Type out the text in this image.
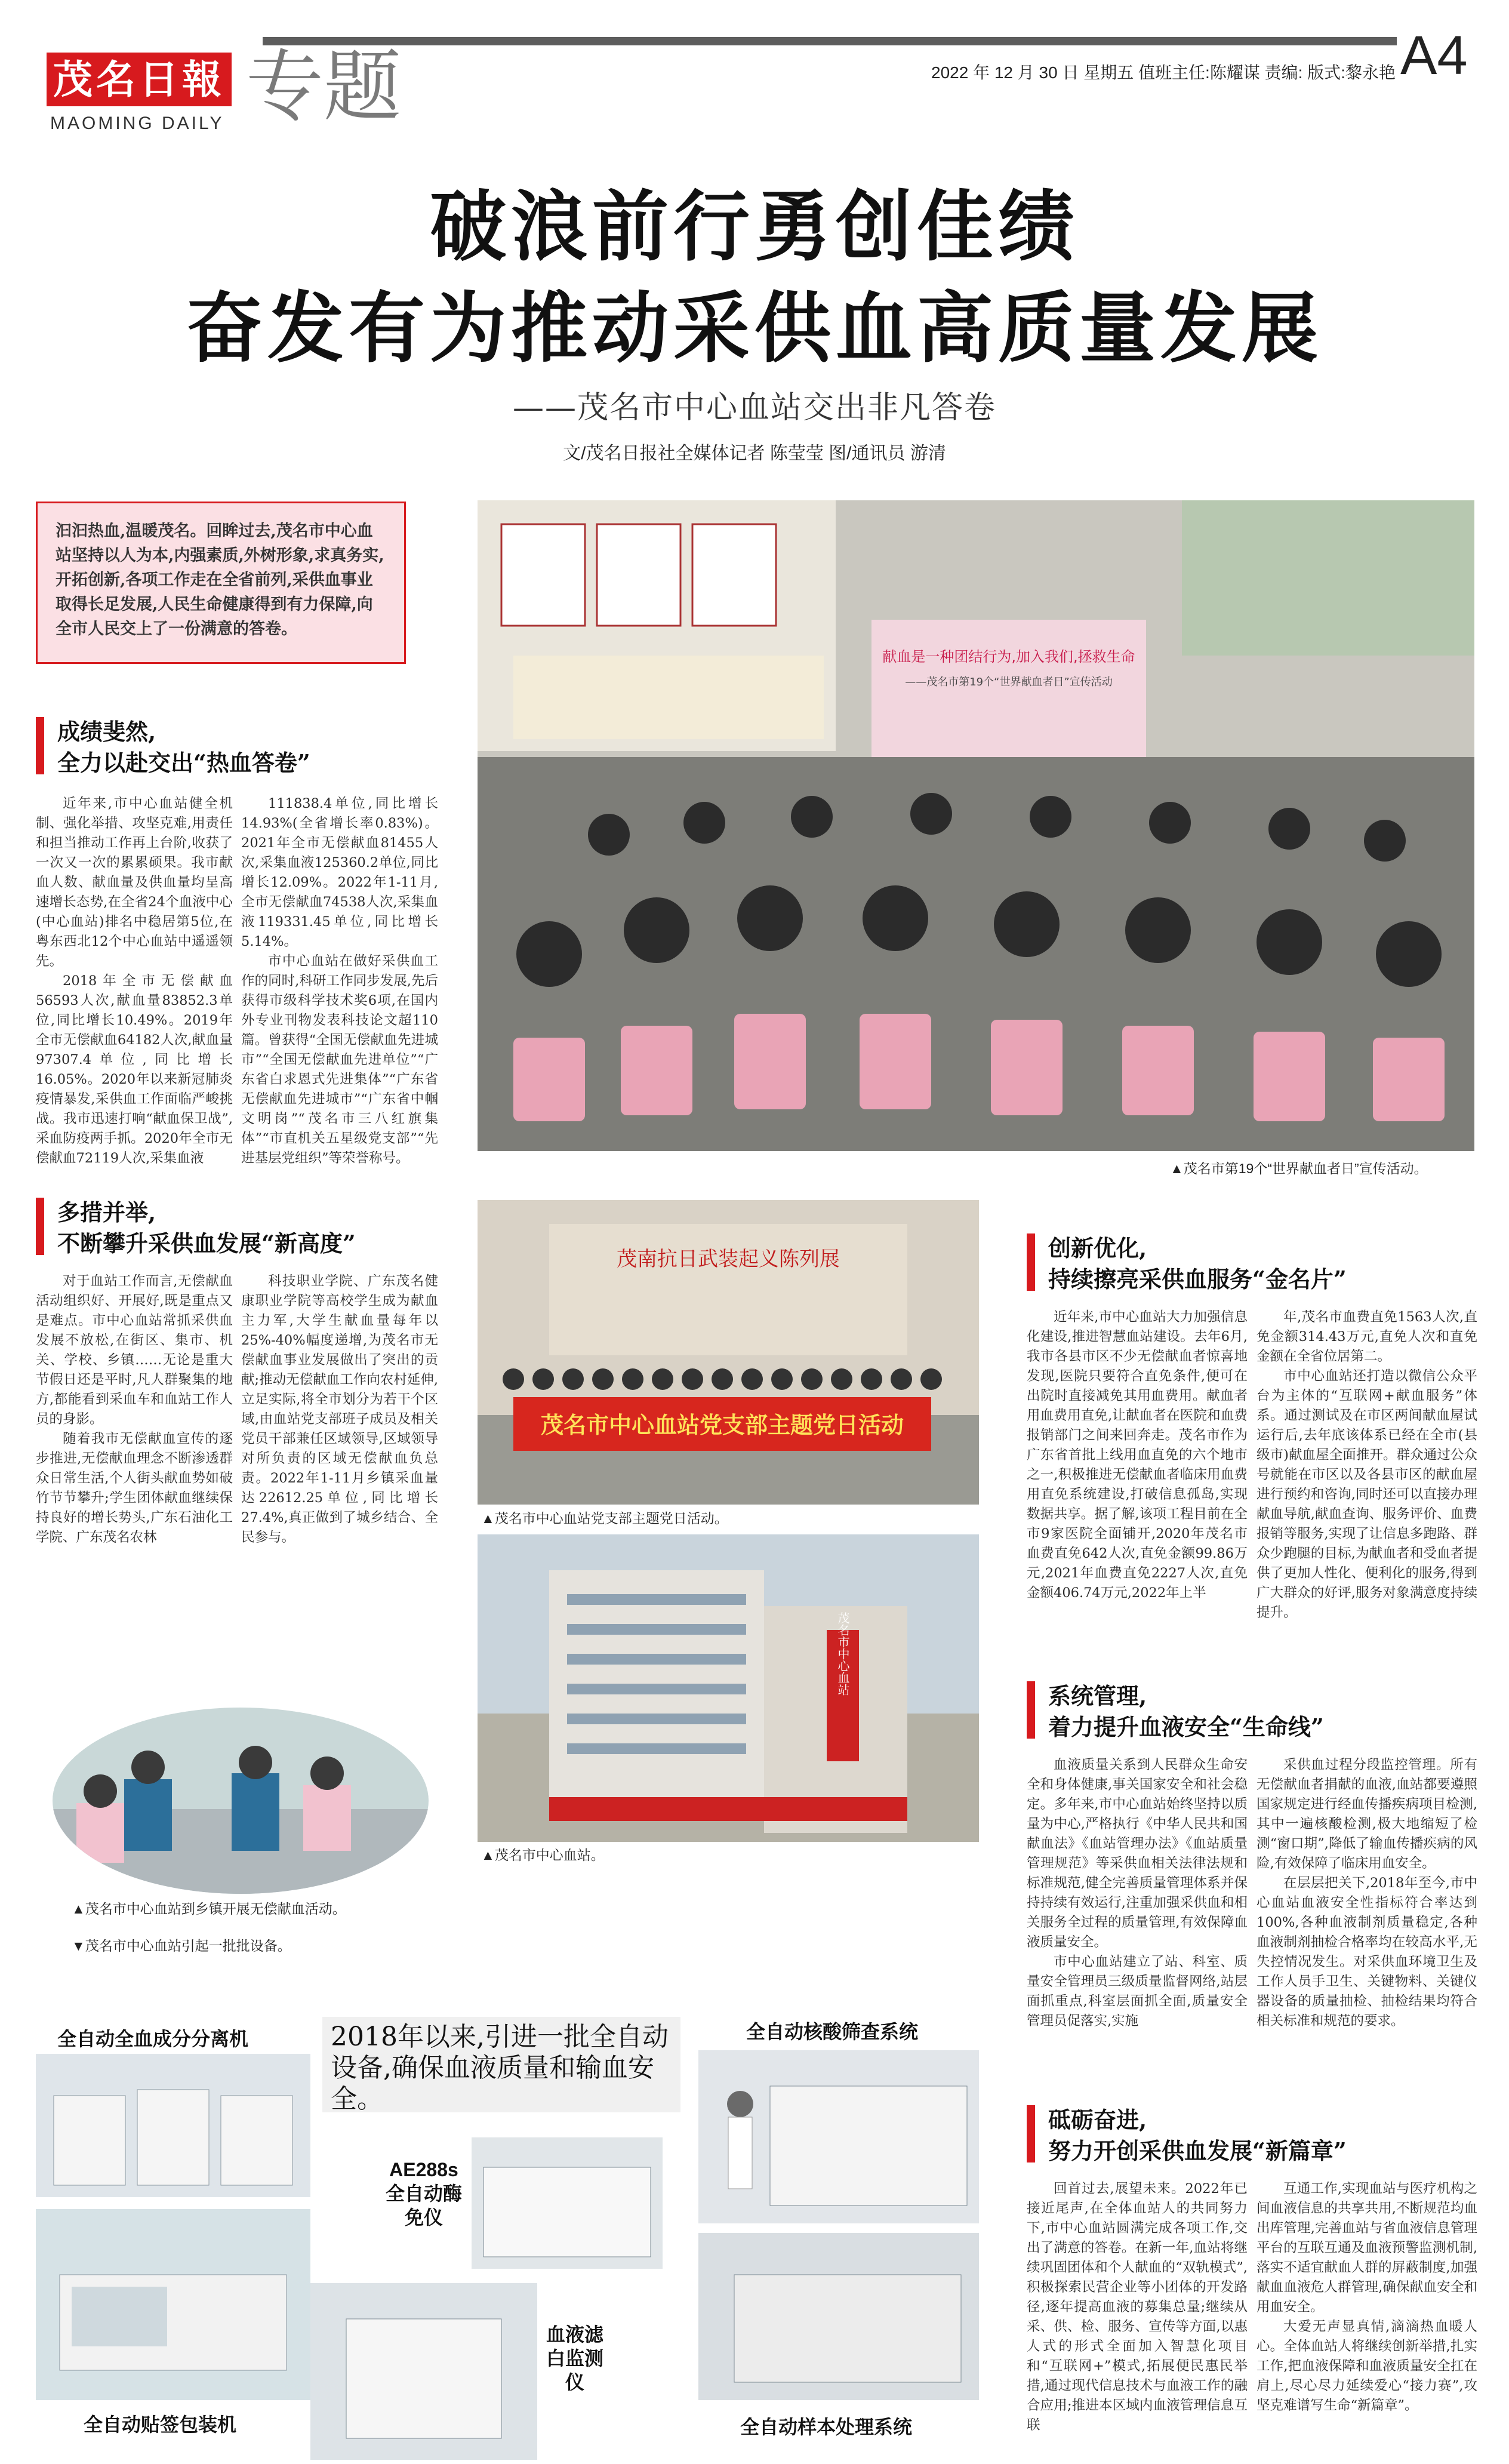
茂名日報
MAOMING DAILY 专题	2022 年 12 月 30 日 星期五 值班主任:陈耀谋 责编: 版式:黎永艳 A4
破浪前行勇创佳绩
奋发有为推动采供血高质量发展
——茂名市中心血站交出非凡答卷
文/茂名日报社全媒体记者 陈莹莹 图/通讯员 游清
汩汩热血,温暖茂名。回眸过去,茂名市中心血站坚持以人为本,内强素质,外树形象,求真务实,开拓创新,各项工作走在全省前列,采供血事业取得长足发展,人民生命健康得到有力保障,向全市人民交上了一份满意的答卷。
献血是一种团结行为,加入我们,拯救生命
——茂名市第19个“世界献血者日”宣传活动
▲茂名市第19个“世界献血者日”宣传活动。
成绩斐然,
全力以赴交出“热血答卷”
近年来,市中心血站健全机制、强化举措、攻坚克难,用责任和担当推动工作再上台阶,收获了一次又一次的累累硕果。我市献血人数、献血量及供血量均呈高速增长态势,在全省24个血液中心(中心血站)排名中稳居第5位,在粤东西北12个中心血站中遥遥领先。
2018年全市无偿献血56593人次,献血量83852.3单位,同比增长10.49%。2019年全市无偿献血64182人次,献血量97307.4单位,同比增长16.05%。2020年以来新冠肺炎疫情暴发,采供血工作面临严峻挑战。我市迅速打响“献血保卫战”,采血防疫两手抓。2020年全市无偿献血72119人次,采集血液
111838.4单位,同比增长14.93%(全省增长率0.83%)。2021年全市无偿献血81455人次,采集血液125360.2单位,同比增长12.09%。2022年1-11月,全市无偿献血74538人次,采集血液119331.45单位,同比增长5.14%。
市中心血站在做好采供血工作的同时,科研工作同步发展,先后获得市级科学技术奖6项,在国内外专业刊物发表科技论文超110篇。曾获得“全国无偿献血先进城市”“全国无偿献血先进单位”“广东省白求恩式先进集体”“广东省无偿献血先进城市”“广东省中帼文明岗”“茂名市三八红旗集体”“市直机关五星级党支部”“先进基层党组织”等荣誉称号。
多措并举,
不断攀升采供血发展“新高度”
对于血站工作而言,无偿献血活动组织好、开展好,既是重点又是难点。市中心血站常抓采供血发展不放松,在街区、集市、机关、学校、乡镇……无论是重大节假日还是平时,凡人群聚集的地方,都能看到采血车和血站工作人员的身影。
随着我市无偿献血宣传的逐步推进,无偿献血理念不断渗透群众日常生活,个人街头献血势如破竹节节攀升;学生团体献血继续保持良好的增长势头,广东石油化工学院、广东茂名农林
科技职业学院、广东茂名健康职业学院等高校学生成为献血主力军,大学生献血量每年以25%-40%幅度递增,为茂名市无偿献血事业发展做出了突出的贡献;推动无偿献血工作向农村延伸,立足实际,将全市划分为若干个区域,由血站党支部班子成员及相关党员干部兼任区域领导,区域领导对所负责的区域无偿献血负总责。2022年1-11月乡镇采血量达22612.25单位,同比增长27.4%,真正做到了城乡结合、全民参与。
茂南抗日武装起义陈列展
茂名市中心血站党支部主题党日活动
▲茂名市中心血站党支部主题党日活动。
茂名市中心血站
▲茂名市中心血站。
▲茂名市中心血站到乡镇开展无偿献血活动。
▼茂名市中心血站引起一批批设备。
创新优化,
持续擦亮采供血服务“金名片”
近年来,市中心血站大力加强信息化建设,推进智慧血站建设。去年6月,我市各县市区不少无偿献血者惊喜地发现,医院只要符合直免条件,便可在出院时直接减免其用血费用。献血者用血费用直免,让献血者在医院和血费报销部门之间来回奔走。茂名市作为广东省首批上线用血直免的六个地市之一,积极推进无偿献血者临床用血费用直免系统建设,打破信息孤岛,实现数据共享。据了解,该项工程目前在全市9家医院全面铺开,2020年茂名市血费直免642人次,直免金额99.86万元,2021年血费直免2227人次,直免金额406.74万元,2022年上半
年,茂名市血费直免1563人次,直免金额314.43万元,直免人次和直免金额在全省位居第二。
市中心血站还打造以微信公众平台为主体的“互联网+献血服务”体系。通过测试及在市区两间献血屋试运行后,去年底该体系已经在全市(县级市)献血屋全面推开。群众通过公众号就能在市区以及各县市区的献血屋进行预约和咨询,同时还可以直接办理献血导航,献血查询、服务评价、血费报销等服务,实现了让信息多跑路、群众少跑腿的目标,为献血者和受血者提供了更加人性化、便利化的服务,得到广大群众的好评,服务对象满意度持续提升。
系统管理,
着力提升血液安全“生命线”
血液质量关系到人民群众生命安全和身体健康,事关国家安全和社会稳定。多年来,市中心血站始终坚持以质量为中心,严格执行《中华人民共和国献血法》《血站管理办法》《血站质量管理规范》等采供血相关法律法规和标准规范,健全完善质量管理体系并保持持续有效运行,注重加强采供血和相关服务全过程的质量管理,有效保障血液质量安全。
市中心血站建立了站、科室、质量安全管理员三级质量监督网络,站层面抓重点,科室层面抓全面,质量安全管理员促落实,实施
采供血过程分段监控管理。所有无偿献血者捐献的血液,血站都要遵照国家规定进行经血传播疾病项目检测,其中一遍核酸检测,极大地缩短了检测“窗口期”,降低了输血传播疾病的风险,有效保障了临床用血安全。
在层层把关下,2018年至今,市中心血站血液安全性指标符合率达到100%,各种血液制剂质量稳定,各种血液制剂抽检合格率均在较高水平,无失控情况发生。对采供血环境卫生及工作人员手卫生、关键物料、关键仪器设备的质量抽检、抽检结果均符合相关标准和规范的要求。
砥砺奋进,
努力开创采供血发展“新篇章”
回首过去,展望未来。2022年已接近尾声,在全体血站人的共同努力下,市中心血站圆满完成各项工作,交出了满意的答卷。在新一年,血站将继续巩固团体和个人献血的“双轨模式”,积极探索民营企业等小团体的开发路径,逐年提高血液的募集总量;继续从采、供、检、服务、宣传等方面,以惠人式的形式全面加入智慧化项目和“互联网+”模式,拓展便民惠民举措,通过现代信息技术与血液工作的融合应用;推进本区域内血液管理信息互联
互通工作,实现血站与医疗机构之间血液信息的共享共用,不断规范均血出库管理,完善血站与省血液信息管理平台的互联互通及血液预警监测机制,落实不适宜献血人群的屏蔽制度,加强献血血液危人群管理,确保献血安全和用血安全。
大爱无声显真情,滴滴热血暖人心。全体血站人将继续创新举措,扎实工作,把血液保障和血液质量安全扛在肩上,尽心尽力延续爱心“接力赛”,攻坚克难谱写生命“新篇章”。
2018年以来,引进一批全自动设备,确保血液质量和输血安全。
全自动全血成分分离机
全自动贴签包装机
AE288s 全自动酶免仪
血液滤白监测仪
全自动核酸筛查系统
全自动样本处理系统
